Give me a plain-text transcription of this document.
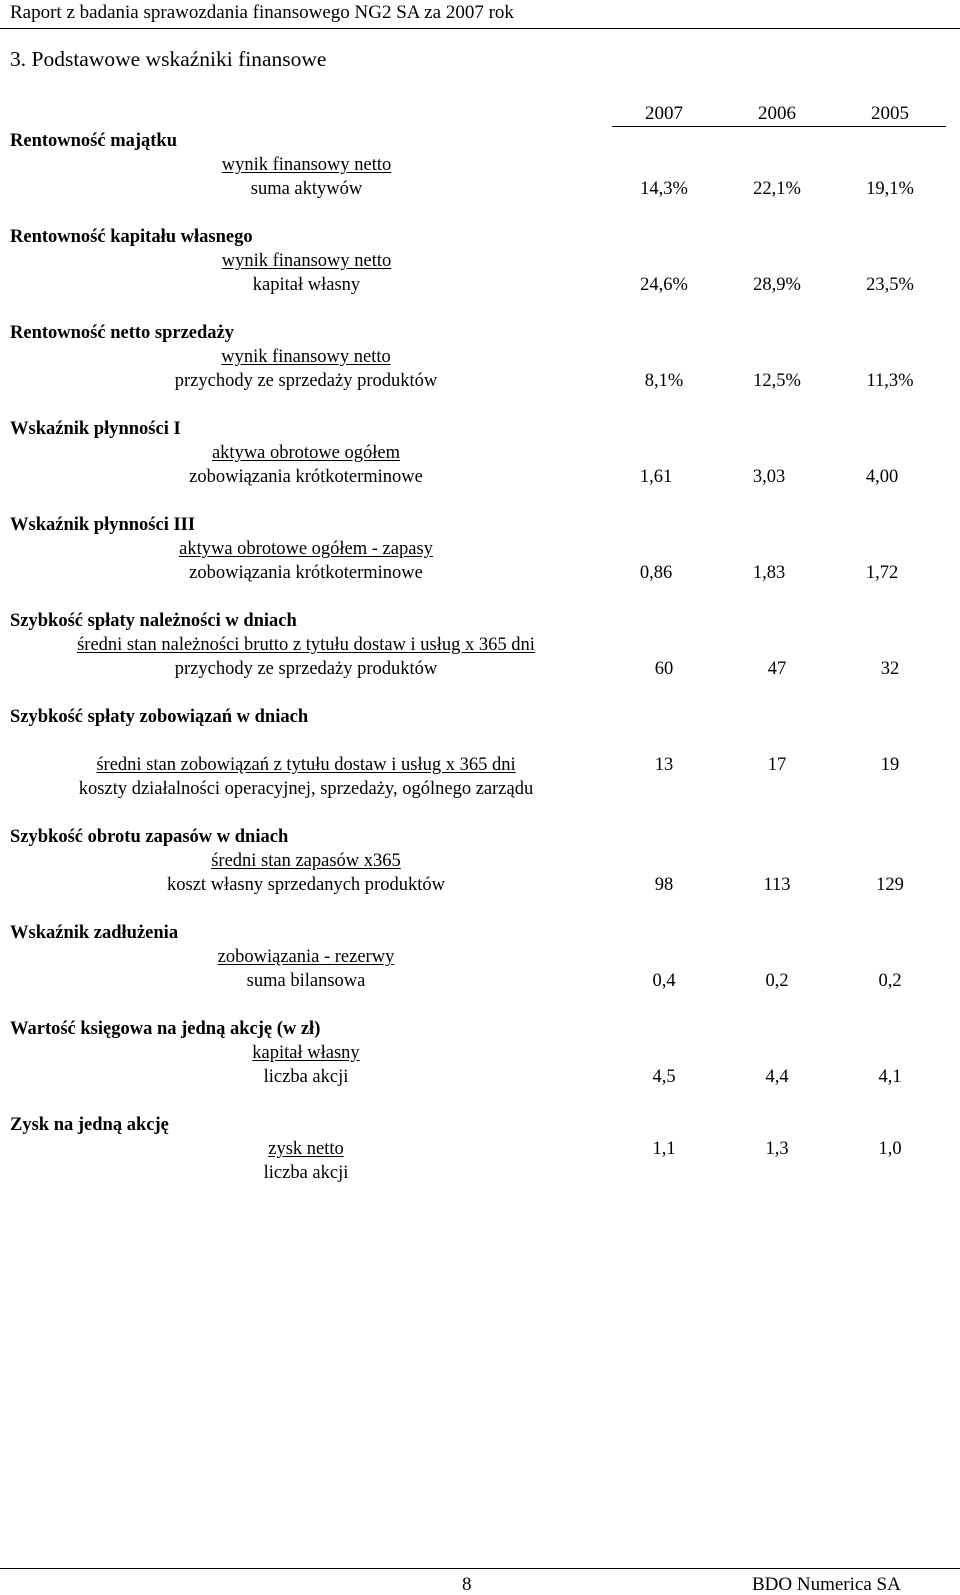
Raport z badania sprawozdania finansowego NG2 SA za 2007 rok
3. Podstawowe wskaźniki finansowe
2007	2006	2005
Rentowność majątku
wynik finansowy netto
suma aktywów	14,3%	22,1%	19,1%
Rentowność kapitału własnego
wynik finansowy netto
kapitał własny	24,6%	28,9%	23,5%
Rentowność netto sprzedaży
wynik finansowy netto
przychody ze sprzedaży produktów	8,1%	12,5%	11,3%
Wskaźnik płynności I
aktywa obrotowe ogółem
zobowiązania krótkoterminowe	1,61	3,03	4,00
Wskaźnik płynności III
aktywa obrotowe ogółem - zapasy
zobowiązania krótkoterminowe	0,86	1,83	1,72
Szybkość spłaty należności w dniach
średni stan należności brutto z tytułu dostaw i usług x 365 dni
przychody ze sprzedaży produktów	60	47	32
Szybkość spłaty zobowiązań w dniach
średni stan zobowiązań z tytułu dostaw i usług x 365 dni
koszty działalności operacyjnej, sprzedaży, ogólnego zarządu
13	17	19
Szybkość obrotu zapasów w dniach
średni stan zapasów x365
koszt własny sprzedanych produktów	98	113	129
Wskaźnik zadłużenia
zobowiązania - rezerwy
suma bilansowa	0,4	0,2	0,2
Wartość księgowa na jedną akcję (w zł)
kapitał własny
liczba akcji	4,5	4,4	4,1
Zysk na jedną akcję
zysk netto
liczba akcji
1,1	1,3	1,0
8	BDO Numerica SA
